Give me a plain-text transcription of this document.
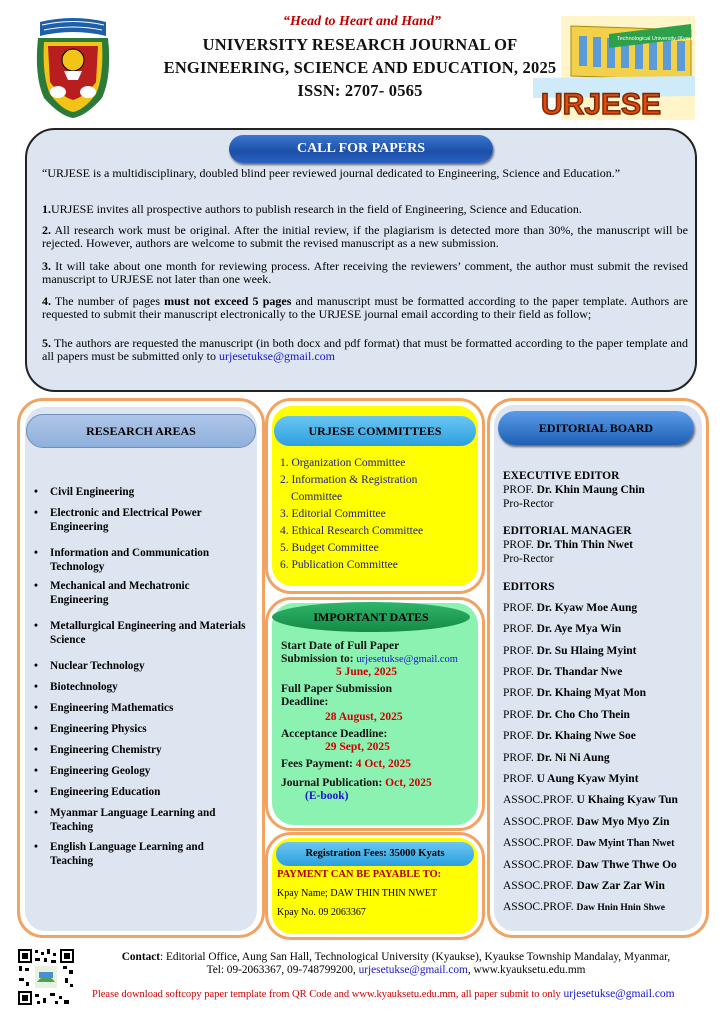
“Head to Heart and Hand”
UNIVERSITY RESEARCH JOURNAL OF
ENGINEERING, SCIENCE AND EDUCATION, 2025
ISSN: 2707- 0565
Technological University (Kyaukse)
URJESE
CALL FOR PAPERS
“URJESE is a multidisciplinary, doubled blind peer reviewed journal dedicated to Engineering, Science and Education.”
1.URJESE invites all prospective authors to publish research in the field of Engineering, Science and Education.
2. All research work must be original. After the initial review, if the plagiarism is detected more than 30%, the manuscript will be rejected. However, authors are welcome to submit the revised manuscript as a new submission.
3. It will take about one month for reviewing process. After receiving the reviewers’ comment, the author must submit the revised manuscript to URJESE not later than one week.
4. The number of pages must not exceed 5 pages and manuscript must be formatted according to the paper template. Authors are requested to submit their manuscript electronically to the URJESE journal email according to their field as follow;
5. The authors are requested the manuscript (in both docx and pdf format) that must be formatted according to the paper template and all papers must be submitted only to urjesetukse@gmail.com
RESEARCH AREAS
•	Civil Engineering
•	Electronic and Electrical Power Engineering
•	Information and Communication Technology
•	Mechanical and Mechatronic Engineering
•	Metallurgical Engineering and Materials Science
•	Nuclear Technology
•	Biotechnology
•	Engineering Mathematics
•	Engineering Physics
•	Engineering Chemistry
•	Engineering Geology
•	Engineering Education
•	Myanmar Language Learning and Teaching
•	English Language Learning and Teaching
URJESE COMMITTEES
1. Organization Committee
2. Information & Registration
Committee
3. Editorial Committee
4. Ethical Research Committee
5. Budget Committee
6. Publication Committee
IMPORTANT DATES
Start Date of Full Paper
Submission to: urjesetukse@gmail.com
5 June, 2025
Full Paper Submission
Deadline:
28 August, 2025
Acceptance Deadline:
29 Sept, 2025
Fees Payment: 4 Oct, 2025
Journal Publication: Oct, 2025
(E-book)
Registration Fees: 35000 Kyats
PAYMENT CAN BE PAYABLE TO:
Kpay Name; DAW THIN THIN NWET
Kpay No. 09 2063367
EDITORIAL BOARD
EXECUTIVE EDITOR
PROF. Dr. Khin Maung Chin
Pro-Rector
EDITORIAL MANAGER
PROF. Dr. Thin Thin Nwet
Pro-Rector
EDITORS
PROF. Dr. Kyaw Moe Aung
PROF. Dr. Aye Mya Win
PROF. Dr. Su Hlaing Myint
PROF. Dr. Thandar Nwe
PROF. Dr. Khaing Myat Mon
PROF. Dr. Cho Cho Thein
PROF. Dr. Khaing Nwe Soe
PROF. Dr. Ni Ni Aung
PROF. U Aung Kyaw Myint
ASSOC.PROF. U Khaing Kyaw Tun
ASSOC.PROF. Daw Myo Myo Zin
ASSOC.PROF. Daw Myint Than Nwet
ASSOC.PROF. Daw Thwe Thwe Oo
ASSOC.PROF. Daw Zar Zar Win
ASSOC.PROF. Daw Hnin Hnin Shwe
Contact: Editorial Office, Aung San Hall, Technological University (Kyaukse), Kyaukse Township Mandalay, Myanmar,
Tel: 09-2063367, 09-748799200, urjesetukse@gmail.com, www.kyauksetu.edu.mm
Please download softcopy paper template from QR Code and www.kyauksetu.edu.mm, all paper submit to only urjesetukse@gmail.com
